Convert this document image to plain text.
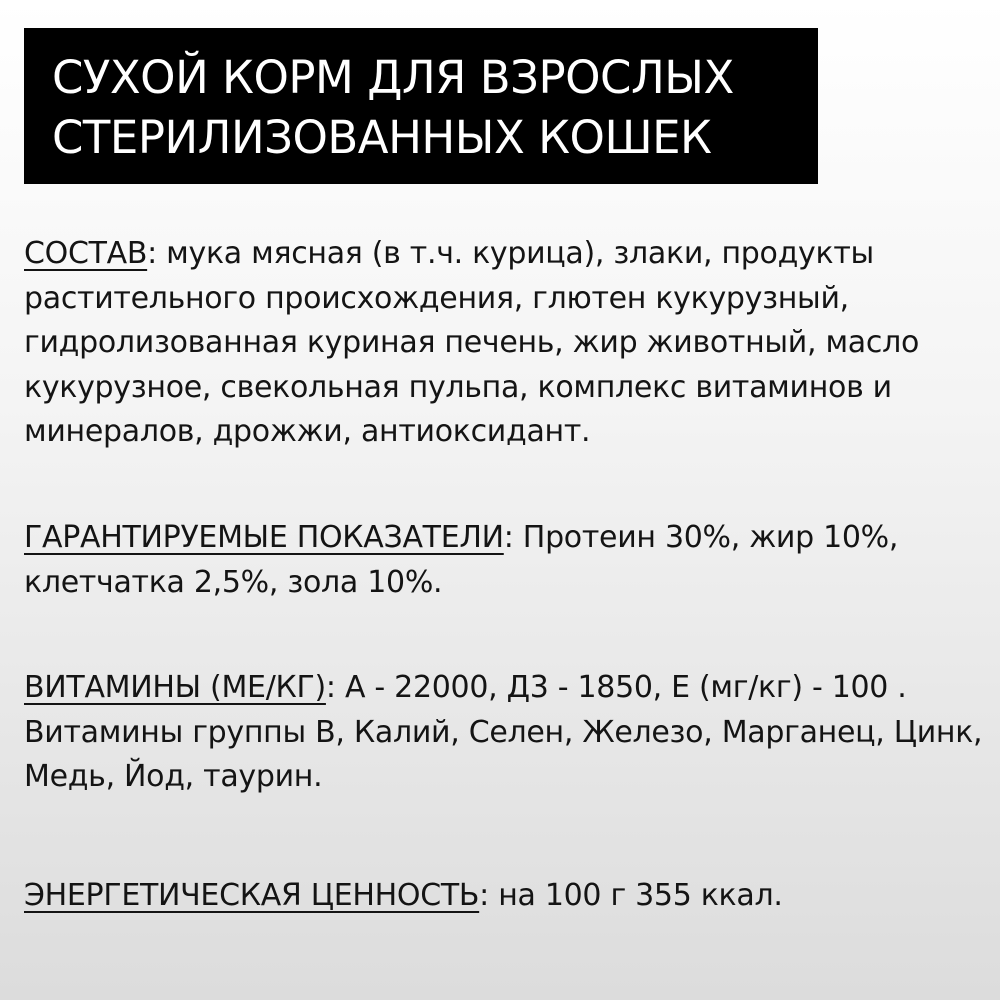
СУХОЙ КОРМ ДЛЯ ВЗРОСЛЫХ
СТЕРИЛИЗОВАННЫХ КОШЕК

СОСТАВ: мука мясная (в т.ч. курица), злаки, продукты растительного происхождения, глютен кукурузный, гидролизованная куриная печень, жир животный, масло кукурузное, свекольная пульпа, комплекс витаминов и минералов, дрожжи, антиоксидант.

ГАРАНТИРУЕМЫЕ ПОКАЗАТЕЛИ: Протеин 30%, жир 10%, клетчатка 2,5%, зола 10%.

ВИТАМИНЫ (МЕ/КГ): А - 22000, Д3 - 1850, Е (мг/кг) - 100 . Витамины группы В, Калий, Селен, Железо, Марганец, Цинк, Медь, Йод, таурин.

ЭНЕРГЕТИЧЕСКАЯ ЦЕННОСТЬ: на 100 г 355 ккал.
